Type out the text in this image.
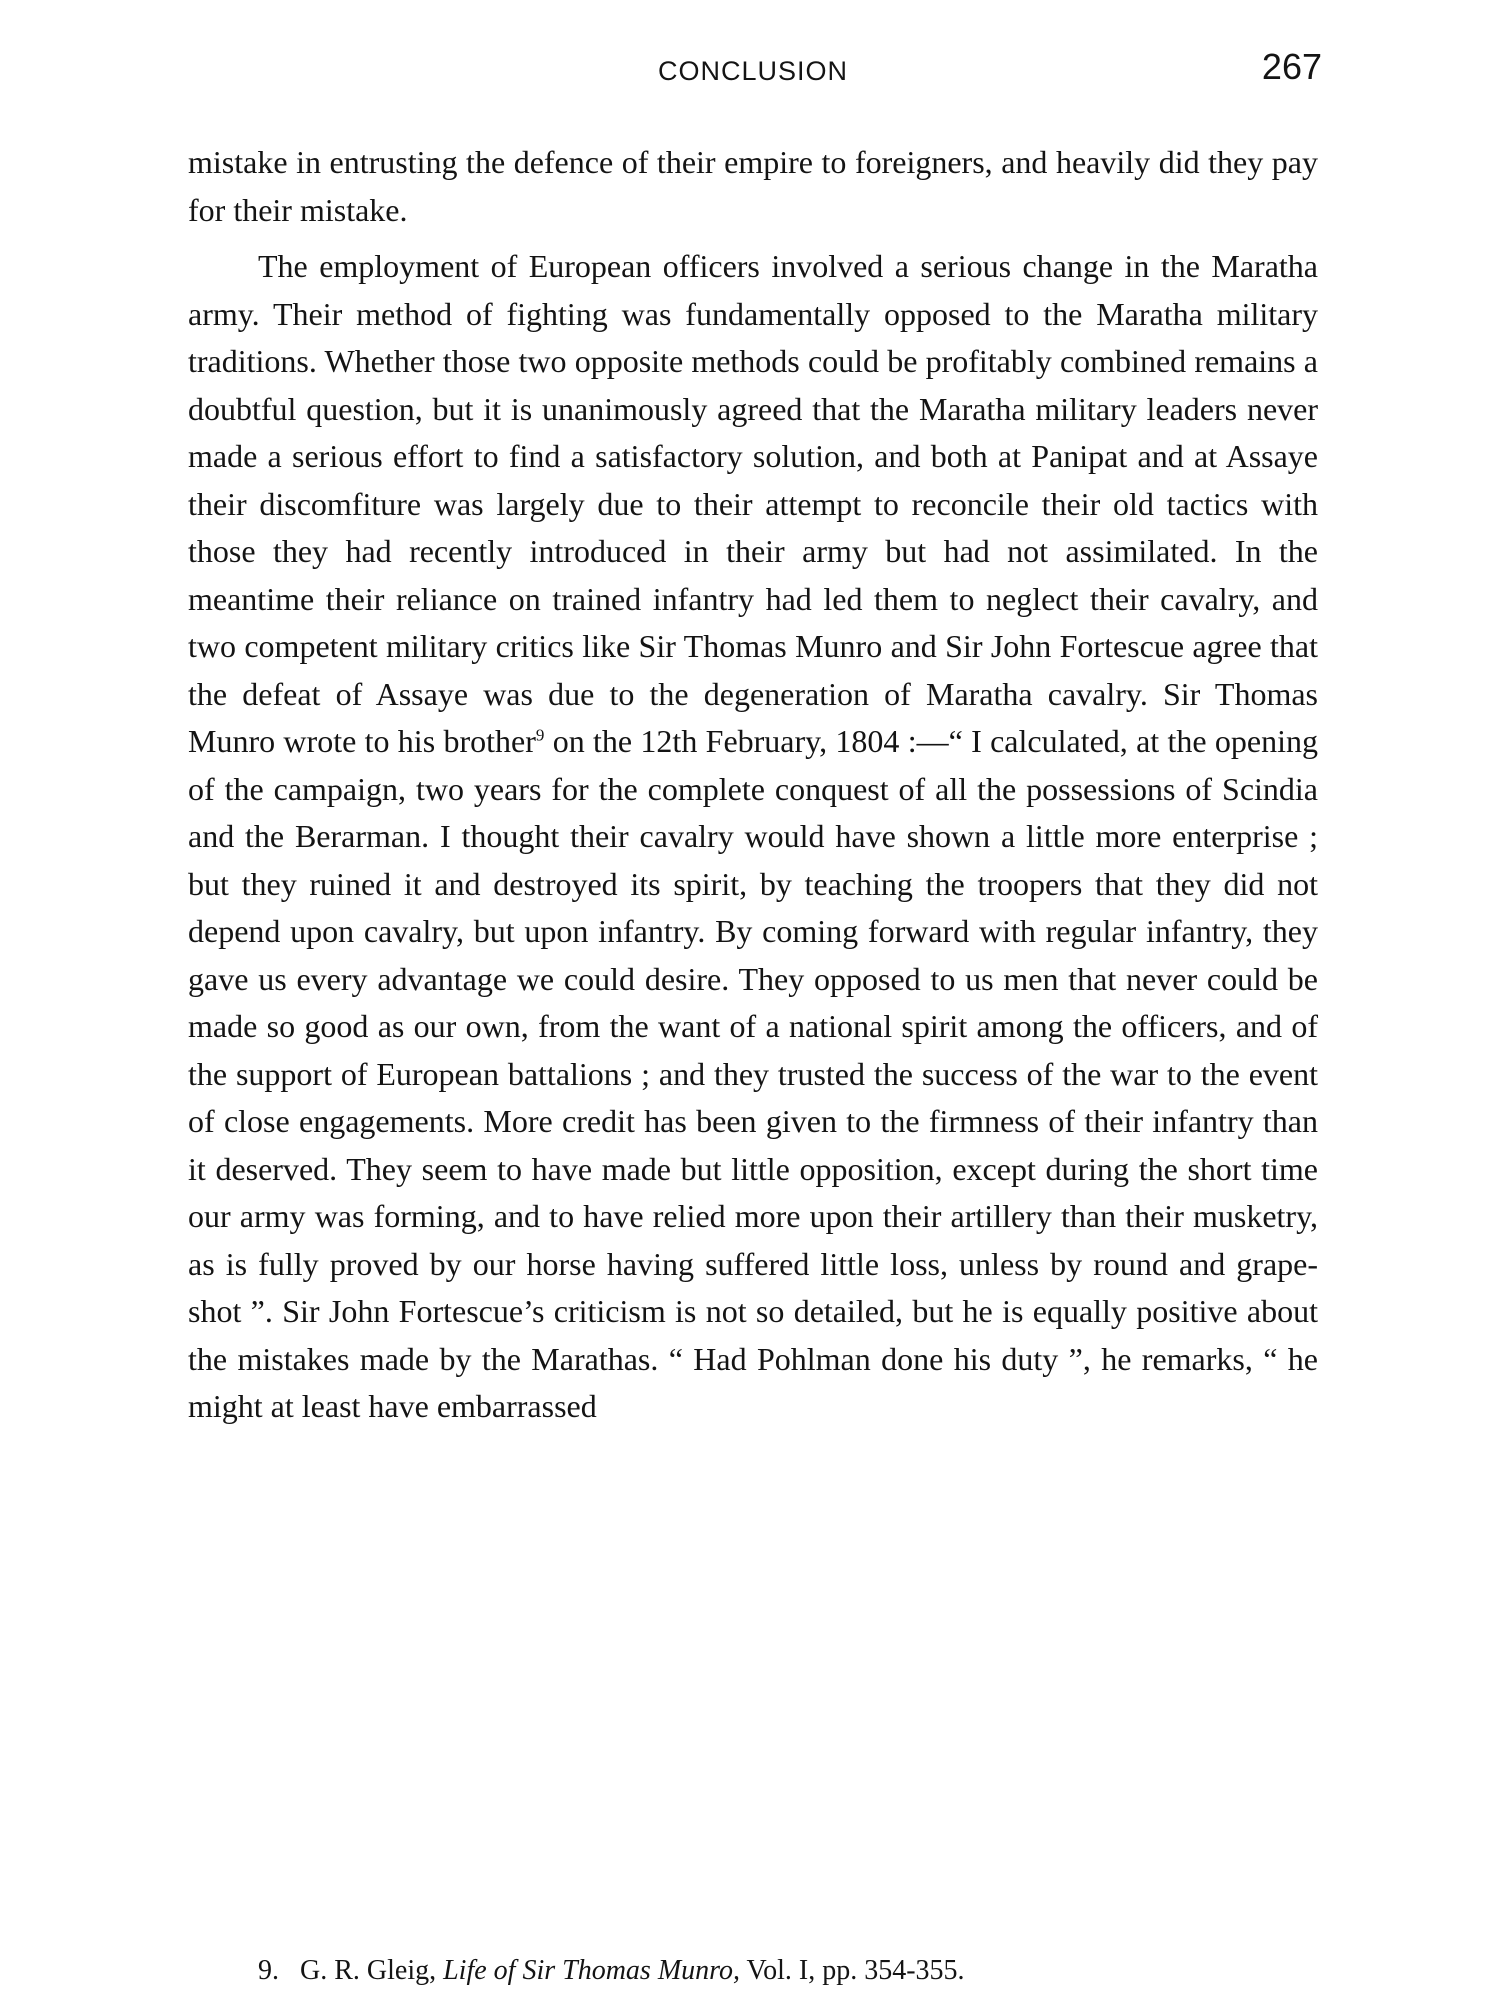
CONCLUSION	267

mistake in entrusting the defence of their empire to foreigners, and heavily did they pay for their mistake.

The employment of European officers involved a serious change in the Maratha army. Their method of fighting was fundamentally opposed to the Maratha military traditions. Whether those two opposite methods could be profitably combined remains a doubtful question, but it is unanimously agreed that the Maratha military leaders never made a serious effort to find a satisfactory solution, and both at Panipat and at Assaye their discomfiture was largely due to their attempt to reconcile their old tactics with those they had recently introduced in their army but had not assimilated. In the meantime their reliance on trained infantry had led them to neglect their cavalry, and two competent military critics like Sir Thomas Munro and Sir John Fortescue agree that the defeat of Assaye was due to the degeneration of Maratha cavalry. Sir Thomas Munro wrote to his brother$^9$ on the 12th February, 1804 :—“ I calculated, at the opening of the campaign, two years for the complete conquest of all the possessions of Scindia and the Berarman. I thought their cavalry would have shown a little more enterprise ; but they ruined it and destroyed its spirit, by teaching the troopers that they did not depend upon cavalry, but upon infantry. By coming forward with regular infantry, they gave us every advantage we could desire. They opposed to us men that never could be made so good as our own, from the want of a national spirit among the officers, and of the support of European battalions ; and they trusted the success of the war to the event of close engagements. More credit has been given to the firmness of their infantry than it deserved. They seem to have made but little opposition, except during the short time our army was forming, and to have relied more upon their artillery than their musketry, as is fully proved by our horse having suffered little loss, unless by round and grape-shot ”. Sir John Fortescue’s criticism is not so detailed, but he is equally positive about the mistakes made by the Marathas. “ Had Pohlman done his duty ”, he remarks, “ he might at least have embarrassed

9. G. R. Gleig, Life of Sir Thomas Munro, Vol. I, pp. 354-355.
